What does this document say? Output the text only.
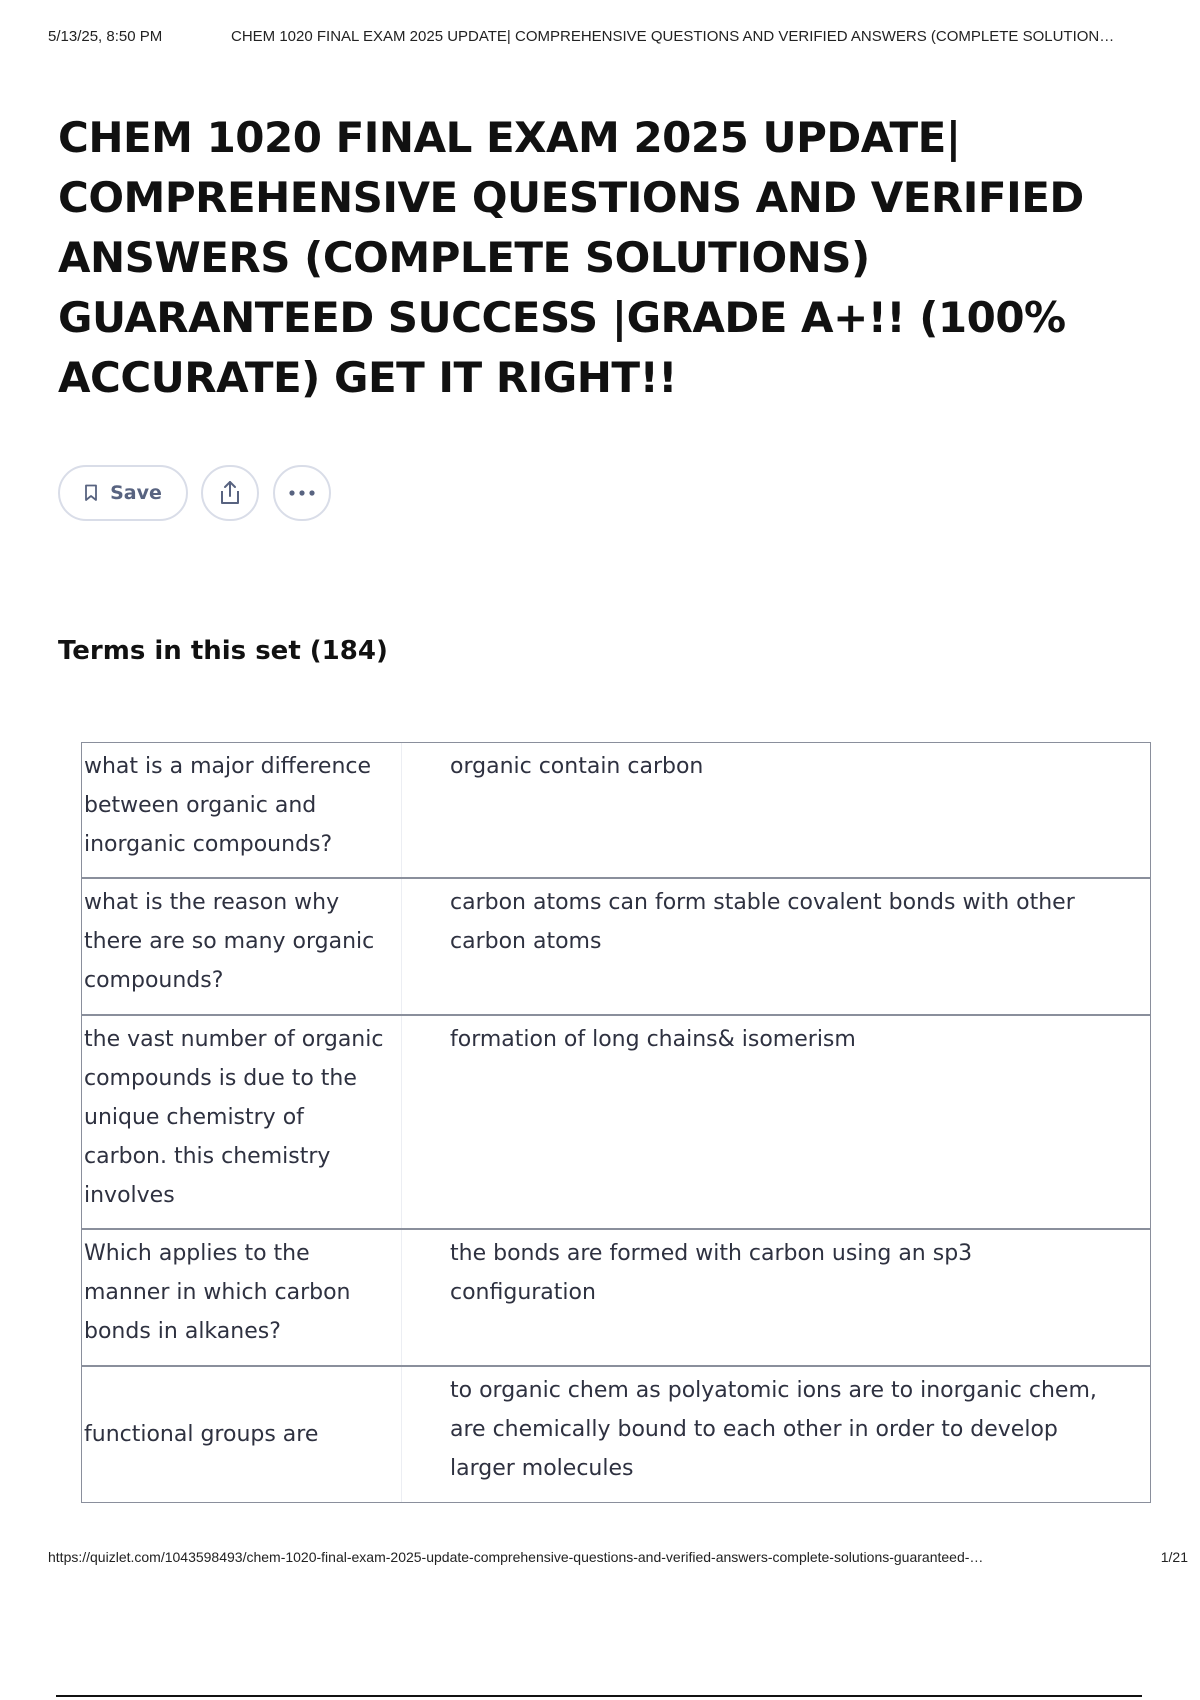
5/13/25, 8:50 PM	CHEM 1020 FINAL EXAM 2025 UPDATE| COMPREHENSIVE QUESTIONS AND VERIFIED ANSWERS (COMPLETE SOLUTION…
CHEM 1020 FINAL EXAM 2025 UPDATE| COMPREHENSIVE QUESTIONS AND VERIFIED ANSWERS (COMPLETE SOLUTIONS) GUARANTEED SUCCESS |GRADE A+!! (100% ACCURATE) GET IT RIGHT!!
Save
Terms in this set (184)
what is a major difference between organic and inorganic compounds?
organic contain carbon
what is the reason why there are so many organic compounds?
carbon atoms can form stable covalent bonds with other carbon atoms
the vast number of organic compounds is due to the unique chemistry of carbon. this chemistry involves
formation of long chains& isomerism
Which applies to the manner in which carbon bonds in alkanes?
the bonds are formed with carbon using an sp3 configuration
functional groups are
to organic chem as polyatomic ions are to inorganic chem, are chemically bound to each other in order to develop larger molecules
https://quizlet.com/1043598493/chem-1020-final-exam-2025-update-comprehensive-questions-and-verified-answers-complete-solutions-guaranteed-…	1/21
